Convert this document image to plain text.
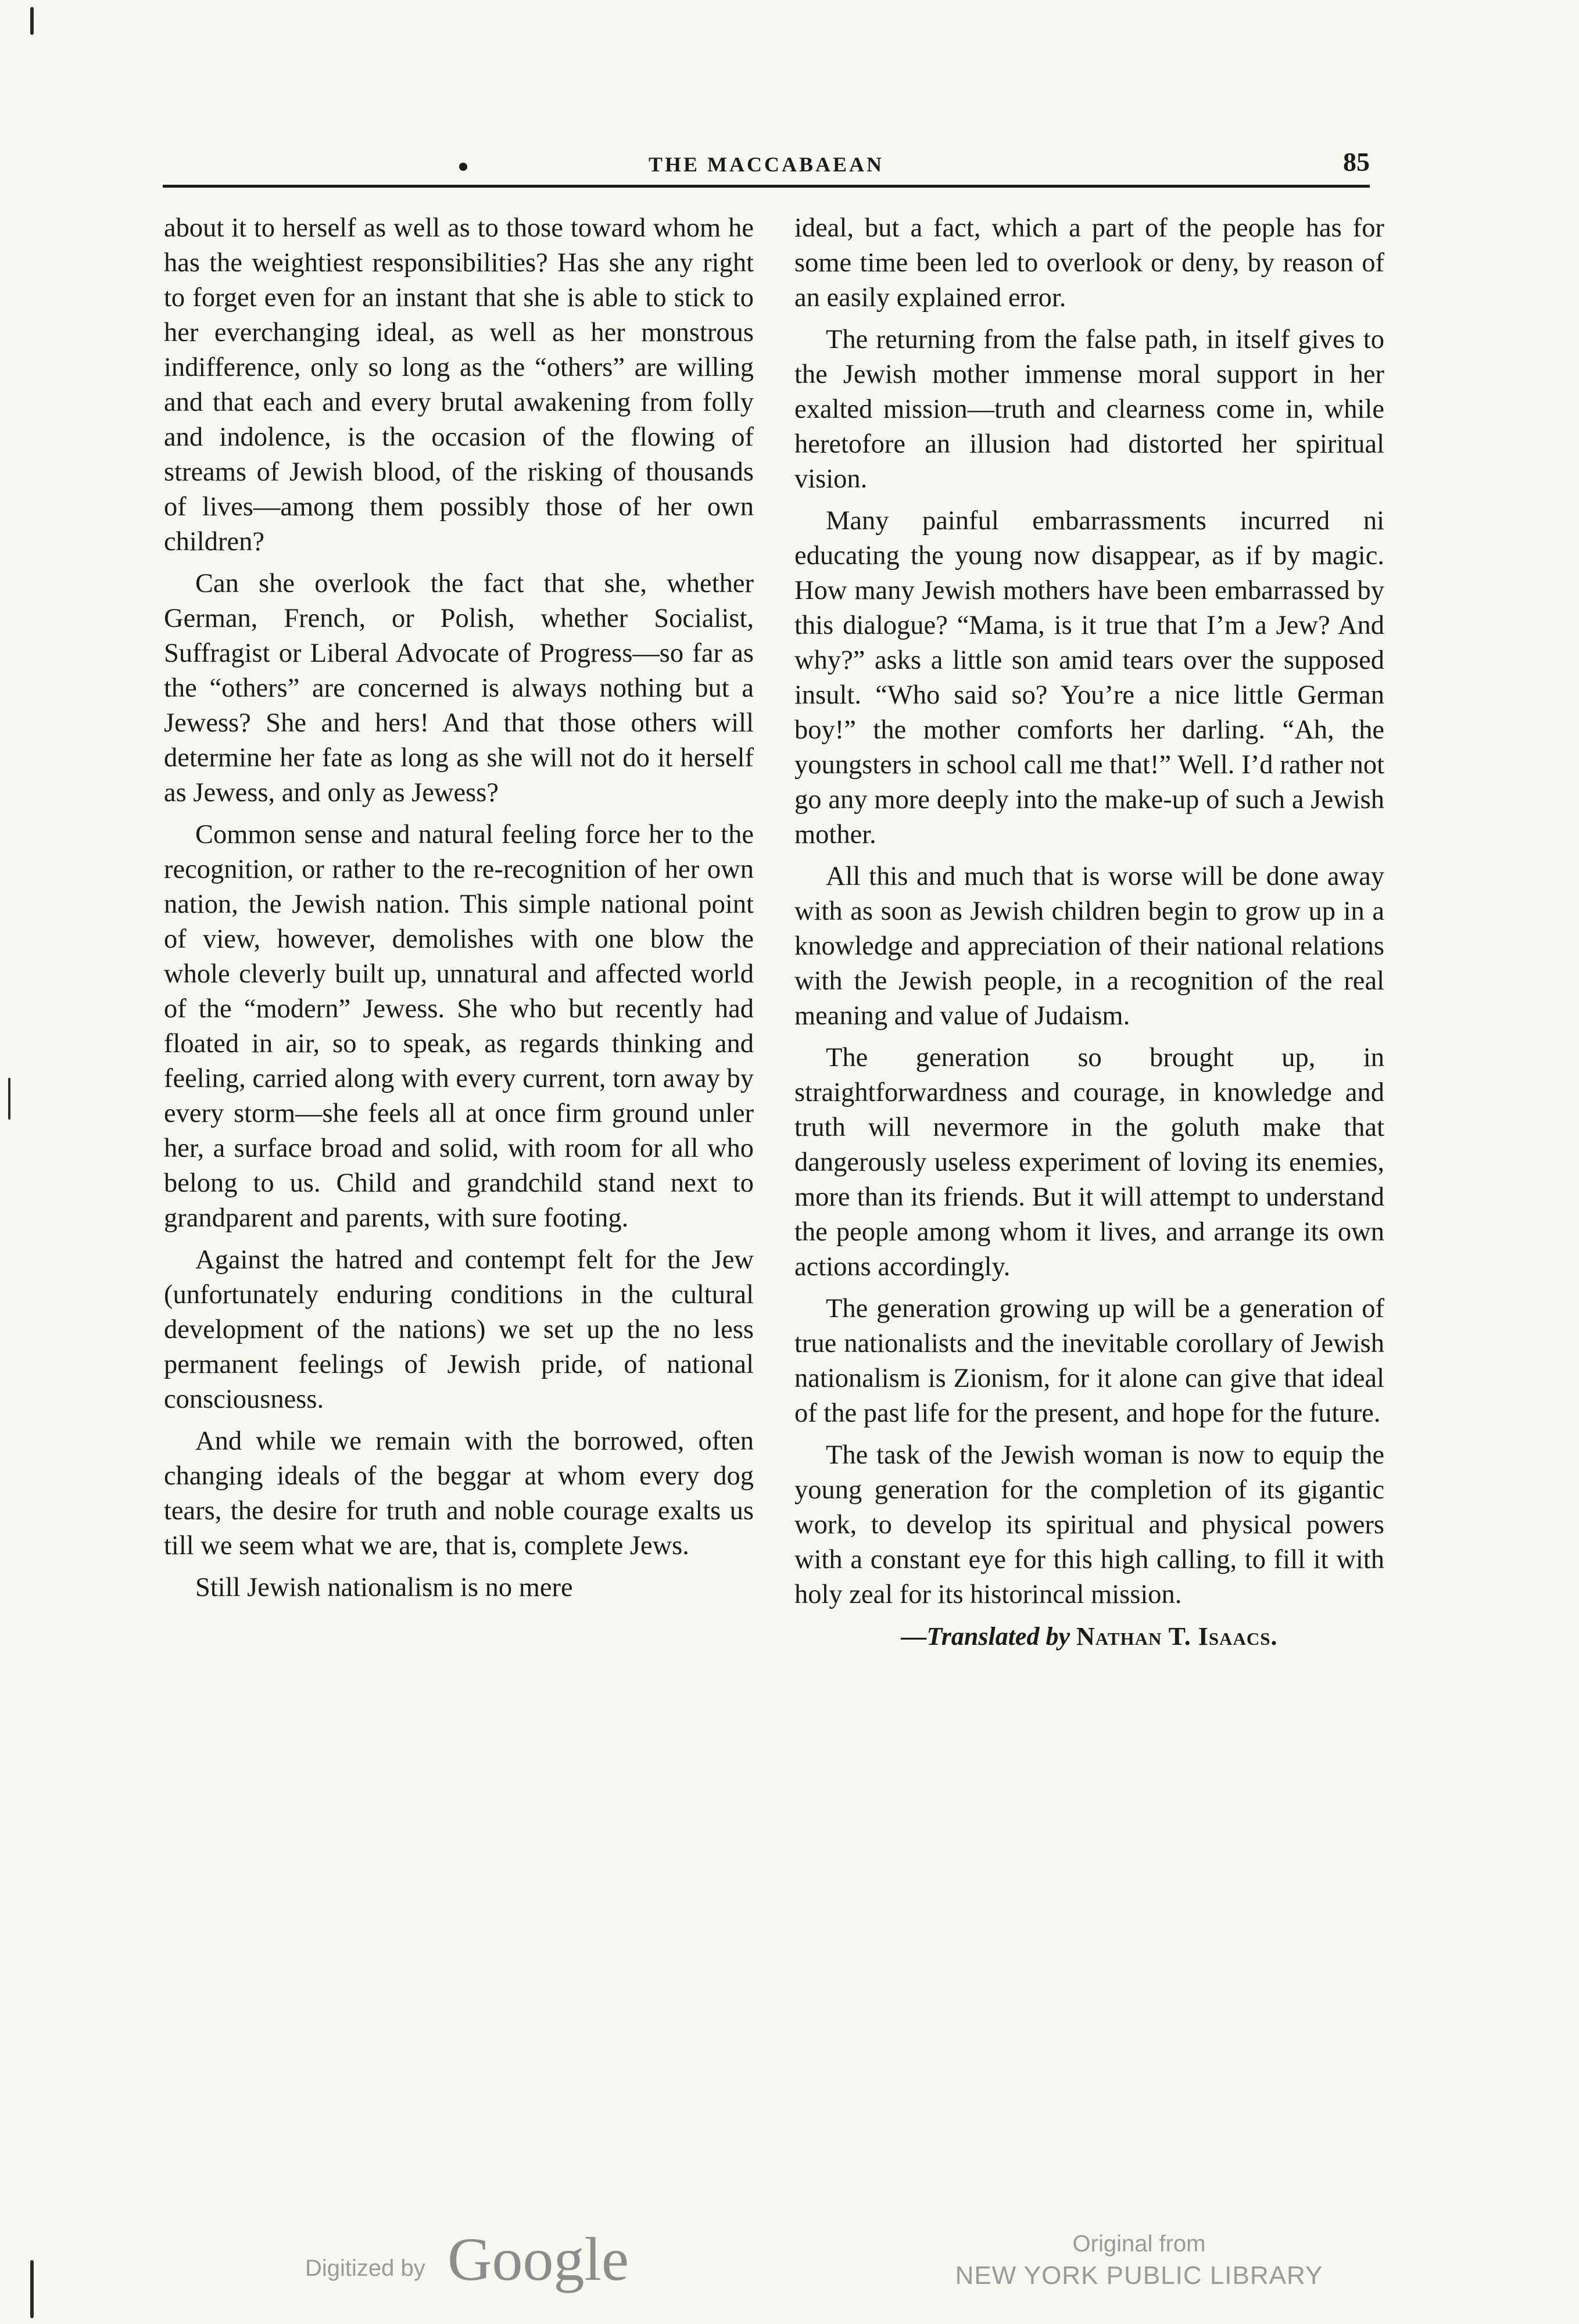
THE MACCABAEAN	85

about it to herself as well as to those toward whom he has the weightiest responsibilities? Has she any right to forget even for an instant that she is able to stick to her everchanging ideal, as well as her monstrous indifference, only so long as the “others” are willing and that each and every brutal awakening from folly and indolence, is the occasion of the flowing of streams of Jewish blood, of the risking of thousands of lives—among them possibly those of her own children?

Can she overlook the fact that she, whether German, French, or Polish, whether Socialist, Suffragist or Liberal Advocate of Progress—so far as the “others” are concerned is always nothing but a Jewess? She and hers! And that those others will determine her fate as long as she will not do it herself as Jewess, and only as Jewess?

Common sense and natural feeling force her to the recognition, or rather to the re-recognition of her own nation, the Jewish nation. This simple national point of view, however, demolishes with one blow the whole cleverly built up, unnatural and affected world of the “modern” Jewess. She who but recently had floated in air, so to speak, as regards thinking and feeling, carried along with every current, torn away by every storm—she feels all at once firm ground unler her, a surface broad and solid, with room for all who belong to us. Child and grandchild stand next to grandparent and parents, with sure footing.

Against the hatred and contempt felt for the Jew (unfortunately enduring conditions in the cultural development of the nations) we set up the no less permanent feelings of Jewish pride, of national consciousness.

And while we remain with the borrowed, often changing ideals of the beggar at whom every dog tears, the desire for truth and noble courage exalts us till we seem what we are, that is, complete Jews.

Still Jewish nationalism is no mere

ideal, but a fact, which a part of the people has for some time been led to overlook or deny, by reason of an easily explained error.

The returning from the false path, in itself gives to the Jewish mother immense moral support in her exalted mission—truth and clearness come in, while heretofore an illusion had distorted her spiritual vision.

Many painful embarrassments incurred ni educating the young now disappear, as if by magic. How many Jewish mothers have been embarrassed by this dialogue? “Mama, is it true that I’m a Jew? And why?” asks a little son amid tears over the supposed insult. “Who said so? You’re a nice little German boy!” the mother comforts her darling. “Ah, the youngsters in school call me that!” Well. I’d rather not go any more deeply into the make-up of such a Jewish mother.

All this and much that is worse will be done away with as soon as Jewish children begin to grow up in a knowledge and appreciation of their national relations with the Jewish people, in a recognition of the real meaning and value of Judaism.

The generation so brought up, in straightforwardness and courage, in knowledge and truth will nevermore in the goluth make that dangerously useless experiment of loving its enemies, more than its friends. But it will attempt to understand the people among whom it lives, and arrange its own actions accordingly.

The generation growing up will be a generation of true nationalists and the inevitable corollary of Jewish nationalism is Zionism, for it alone can give that ideal of the past life for the present, and hope for the future.

The task of the Jewish woman is now to equip the young generation for the completion of its gigantic work, to develop its spiritual and physical powers with a constant eye for this high calling, to fill it with holy zeal for its historincal mission.

—Translated by Nathan T. Isaacs.
Digitized by Google	Original from
NEW YORK PUBLIC LIBRARY
